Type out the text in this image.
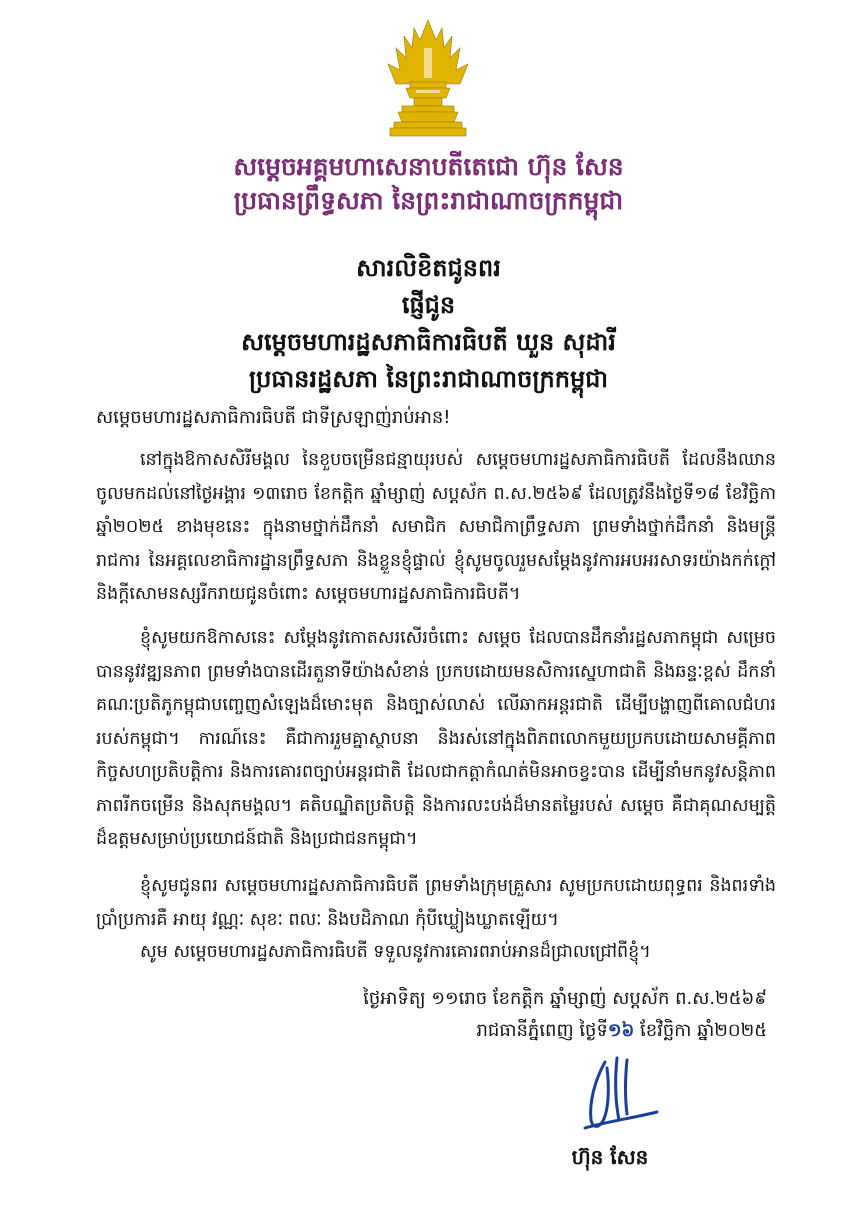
សម្តេចអគ្គមហាសេនាបតីតេជោ ហ៊ុន សែន
ប្រធានព្រឹទ្ធសភា នៃព្រះរាជាណាចក្រកម្ពុជា
សារលិខិតជូនពរ
ផ្ញើជូន
សម្តេចមហារដ្ឋសភាធិការធិបតី ឃួន សុដារី
ប្រធានរដ្ឋសភា នៃព្រះរាជាណាចក្រកម្ពុជា
សម្តេចមហារដ្ឋសភាធិការធិបតី ជាទីស្រឡាញ់រាប់អាន!
នៅក្នុងឱកាសសិរីមង្គល នៃខួបចម្រើនជន្មាយុរបស់ សម្តេចមហារដ្ឋសភាធិការធិបតី ដែលនឹងឈានចូលមកដល់នៅថ្ងៃអង្គារ ១៣រោច ខែកត្តិក ឆ្នាំម្សាញ់ សប្តស័ក ព.ស.២៥៦៩ ដែលត្រូវនឹងថ្ងៃទី១៨ ខែវិច្ឆិកា ឆ្នាំ២០២៥ ខាងមុខនេះ ក្នុងនាមថ្នាក់ដឹកនាំ សមាជិក សមាជិកាព្រឹទ្ធសភា ព្រមទាំងថ្នាក់ដឹកនាំ និងមន្ត្រីរាជការ នៃអគ្គលេខាធិការដ្ឋានព្រឹទ្ធសភា និងខ្លួនខ្ញុំផ្ទាល់ ខ្ញុំសូមចូលរួមសម្តែងនូវការអបអរសាទរយ៉ាងកក់ក្តៅ និងក្តីសោមនស្សរីករាយជូនចំពោះ សម្តេចមហារដ្ឋសភាធិការធិបតី។
ខ្ញុំសូមយកឱកាសនេះ សម្តែងនូវកោតសរសើរចំពោះ សម្តេច ដែលបានដឹកនាំរដ្ឋសភាកម្ពុជា សម្រេចបាននូវវឌ្ឍនភាព ព្រមទាំងបានដើរតួនាទីយ៉ាងសំខាន់ ប្រកបដោយមនសិការស្នេហាជាតិ និងឆន្ទៈខ្ពស់ ដឹកនាំគណៈប្រតិភូកម្ពុជាបញ្ចេញសំឡេងដ៏មោះមុត និងច្បាស់លាស់ លើឆាកអន្តរជាតិ ដើម្បីបង្ហាញពីគោលជំហររបស់កម្ពុជា។ ការណ៍នេះ គឺជាការរួមគ្នាស្ថាបនា និងរស់នៅក្នុងពិភពលោកមួយប្រកបដោយសាមគ្គីភាព កិច្ចសហប្រតិបត្តិការ និងការគោរពច្បាប់អន្តរជាតិ ដែលជាកត្តាកំណត់មិនអាចខ្វះបាន ដើម្បីនាំមកនូវសន្តិភាព ភាពរីកចម្រើន និងសុភមង្គល។ គតិបណ្ឌិតប្រតិបត្តិ និងការលះបង់ដ៏មានតម្លៃរបស់ សម្តេច គឺជាគុណសម្បត្តិដ៏ឧត្តមសម្រាប់ប្រយោជន៍ជាតិ និងប្រជាជនកម្ពុជា។
ខ្ញុំសូមជូនពរ សម្តេចមហារដ្ឋសភាធិការធិបតី ព្រមទាំងក្រុមគ្រួសារ សូមប្រកបដោយពុទ្ធពរ និងពរទាំងប្រាំប្រការគឺ អាយុ វណ្ណៈ សុខៈ ពលៈ និងបដិភាណ កុំបីឃ្លៀងឃ្លាតឡើយ។
សូម សម្តេចមហារដ្ឋសភាធិការធិបតី ទទួលនូវការគោរពរាប់អានដ៏ជ្រាលជ្រៅពីខ្ញុំ។
ថ្ងៃអាទិត្យ ១១រោច ខែកត្តិក ឆ្នាំម្សាញ់ សប្តស័ក ព.ស.២៥៦៩
រាជធានីភ្នំពេញ ថ្ងៃទី១៦ ខែវិច្ឆិកា ឆ្នាំ២០២៥
ហ៊ុន សែន
